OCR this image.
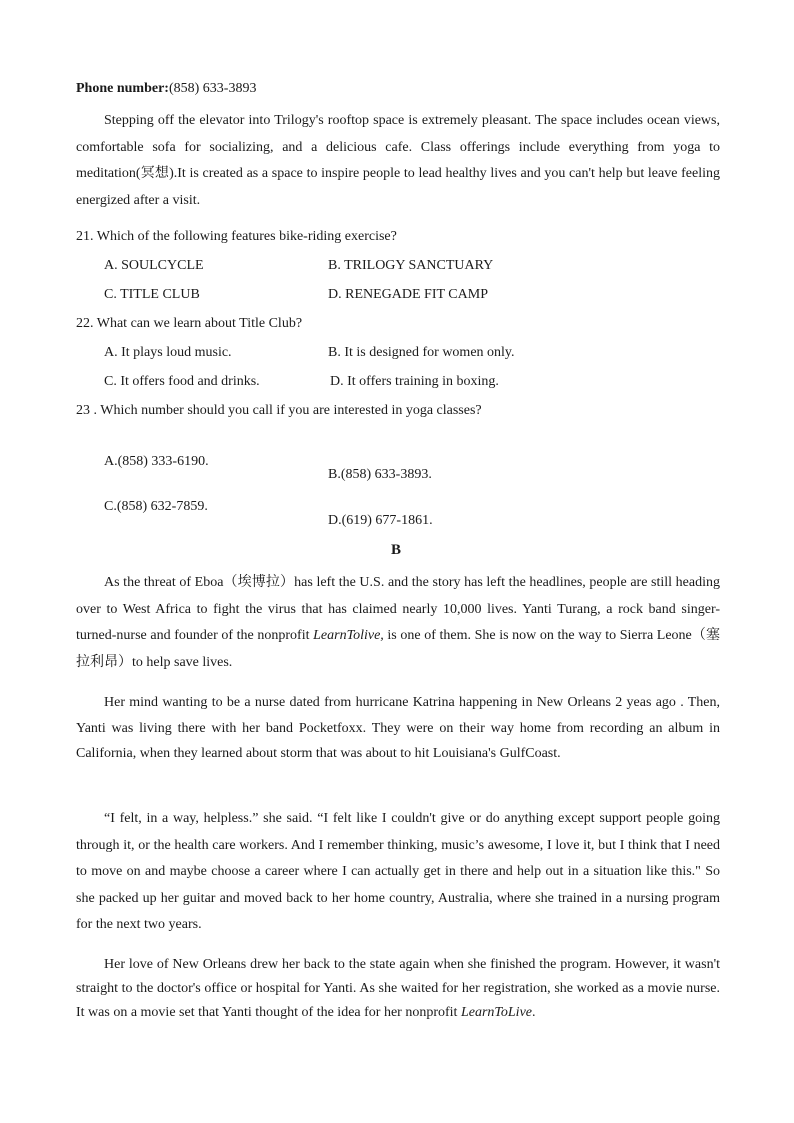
Phone number:(858) 633-3893
Stepping off the elevator into Trilogy's rooftop space is extremely pleasant. The space includes ocean views, comfortable sofa for socializing, and a delicious cafe. Class offerings include everything from yoga to meditation(冥想).It is created as a space to inspire people to lead healthy lives and you can't help but leave feeling energized after a visit.
21. Which of the following features bike-riding exercise?
A. SOULCYCLE	B. TRILOGY SANCTUARY
C. TITLE CLUB	D. RENEGADE FIT CAMP
22. What can we learn about Title Club?
A. It plays loud music.	B. It is designed for women only.
C. It offers food and drinks.	D. It offers training in boxing.
23 . Which number should you call if you are interested in yoga classes?
A.(858) 333-6190.
B.(858) 633-3893.
C.(858) 632-7859.
D.(619) 677-1861.
B
As the threat of Eboa（埃博拉）has left the U.S. and the story has left the headlines, people are still heading over to West Africa to fight the virus that has claimed nearly 10,000 lives. Yanti Turang, a rock band singer-turned-nurse and founder of the nonprofit LearnTolive, is one of them. She is now on the way to Sierra Leone（塞拉利昂）to help save lives.
Her mind wanting to be a nurse dated from hurricane Katrina happening in New Orleans 2 yeas ago . Then, Yanti was living there with her band Pocketfoxx. They were on their way home from recording an album in California, when they learned about storm that was about to hit Louisiana's GulfCoast.
“I felt, in a way, helpless.” she said. “I felt like I couldn't give or do anything except support people going through it, or the health care workers. And I remember thinking, music’s awesome, I love it, but I think that I need to move on and maybe choose a career where I can actually get in there and help out in a situation like this." So she packed up her guitar and moved back to her home country, Australia, where she trained in a nursing program for the next two years.
Her love of New Orleans drew her back to the state again when she finished the program. However, it wasn't straight to the doctor's office or hospital for Yanti. As she waited for her registration, she worked as a movie nurse. It was on a movie set that Yanti thought of the idea for her nonprofit LearnToLive.
